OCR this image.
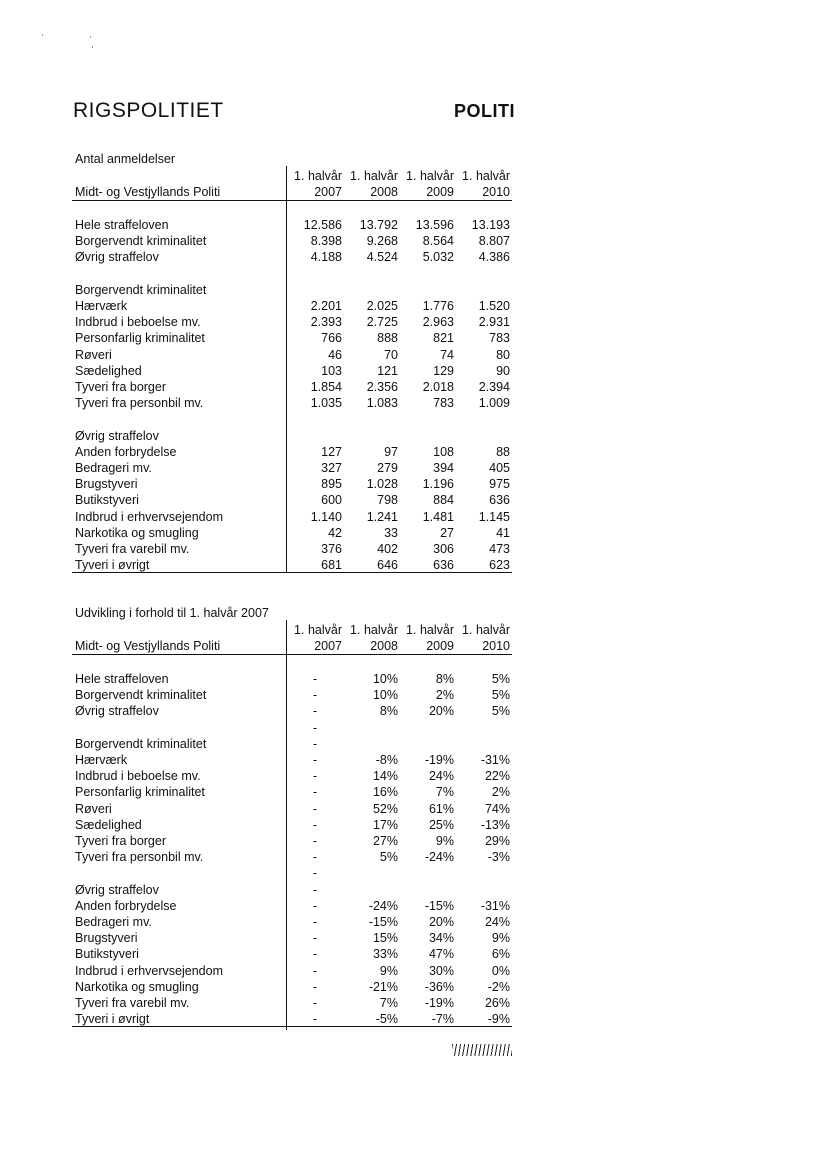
RIGSPOLITIET	POLITI
Antal anmeldelser
1. halvår 1. halvår 1. halvår 1. halvår
Midt- og Vestjyllands Politi	2007	2008	2009	2010
Hele straffeloven	12.586	13.792	13.596	13.193
Borgervendt kriminalitet	8.398	9.268	8.564	8.807
Øvrig straffelov	4.188	4.524	5.032	4.386
Borgervendt kriminalitet
Hærværk	2.201	2.025	1.776	1.520
Indbrud i beboelse mv.	2.393	2.725	2.963	2.931
Personfarlig kriminalitet	766	888	821	783
Røveri	46	70	74	80
Sædelighed	103	121	129	90
Tyveri fra borger	1.854	2.356	2.018	2.394
Tyveri fra personbil mv.	1.035	1.083	783	1.009
Øvrig straffelov
Anden forbrydelse	127	97	108	88
Bedrageri mv.	327	279	394	405
Brugstyveri	895	1.028	1.196	975
Butikstyveri	600	798	884	636
Indbrud i erhvervsejendom	1.140	1.241	1.481	1.145
Narkotika og smugling	42	33	27	41
Tyveri fra varebil mv.	376	402	306	473
Tyveri i øvrigt	681	646	636	623
Udvikling i forhold til 1. halvår 2007
1. halvår 1. halvår 1. halvår 1. halvår
Midt- og Vestjyllands Politi	2007	2008	2009	2010
Hele straffeloven	-	10%	8%	5%
Borgervendt kriminalitet	-	10%	2%	5%
Øvrig straffelov	-	8%	20%	5%
-
Borgervendt kriminalitet	-
Hærværk	-	-8%	-19%	-31%
Indbrud i beboelse mv.	-	14%	24%	22%
Personfarlig kriminalitet	-	16%	7%	2%
Røveri	-	52%	61%	74%
Sædelighed	-	17%	25%	-13%
Tyveri fra borger	-	27%	9%	29%
Tyveri fra personbil mv.	-	5%	-24%	-3%
-
Øvrig straffelov	-
Anden forbrydelse	-	-24%	-15%	-31%
Bedrageri mv.	-	-15%	20%	24%
Brugstyveri	-	15%	34%	9%
Butikstyveri	-	33%	47%	6%
Indbrud i erhvervsejendom	-	9%	30%	0%
Narkotika og smugling	-	-21%	-36%	-2%
Tyveri fra varebil mv.	-	7%	-19%	26%
Tyveri i øvrigt	-	-5%	-7%	-9%
